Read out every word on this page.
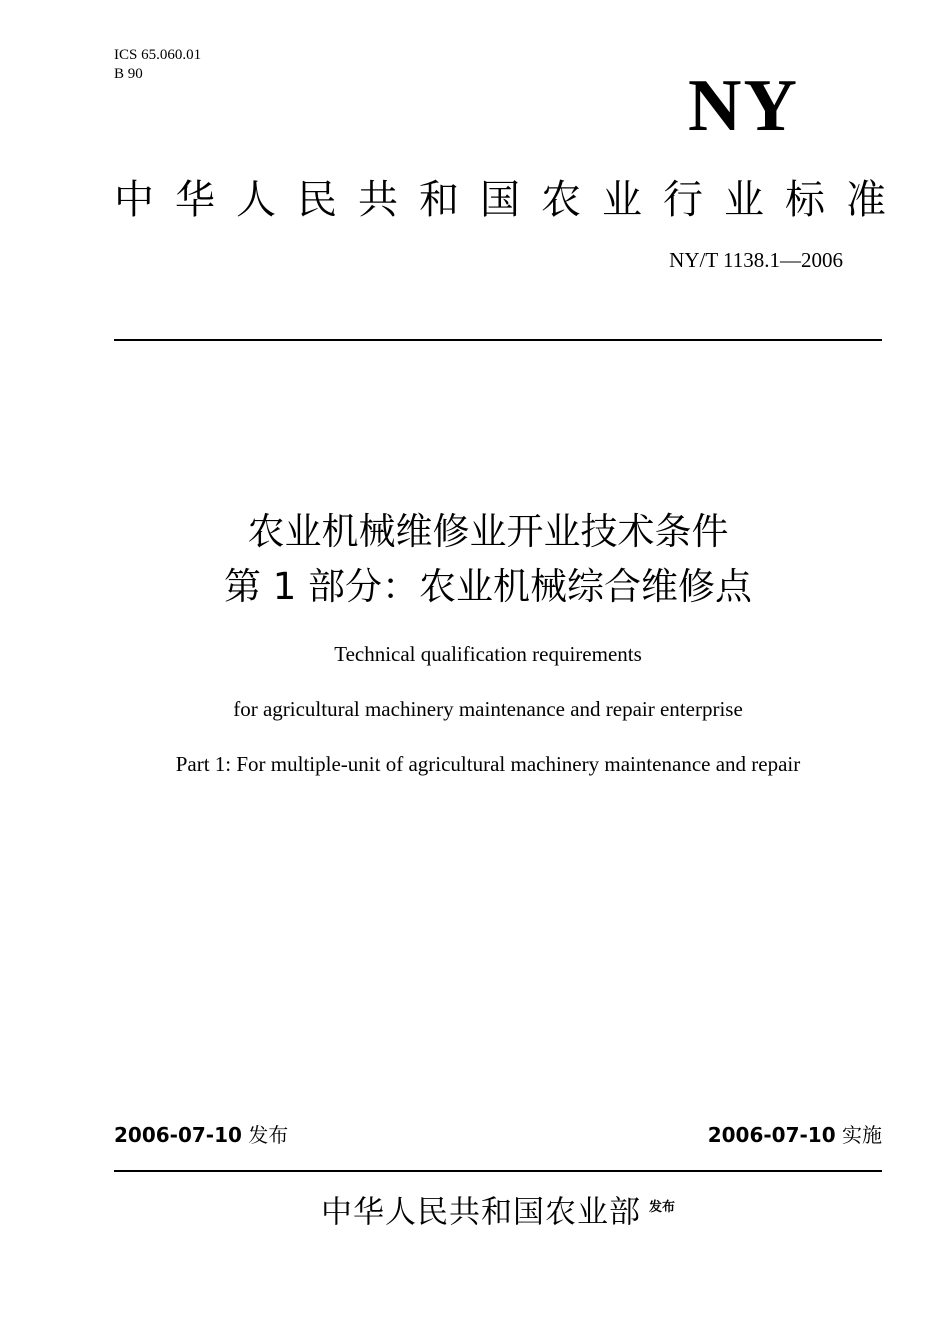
ICS 65.060.01
B 90	NY
中华人民共和国农业行业标准
NY/T 1138.1—2006
农业机械维修业开业技术条件
第 1 部分：农业机械综合维修点
Technical qualification requirements
for agricultural machinery maintenance and repair enterprise
Part 1: For multiple-unit of agricultural machinery maintenance and repair
2006-07-10 发布	2006-07-10 实施
中华人民共和国农业部 $^{发布}$
